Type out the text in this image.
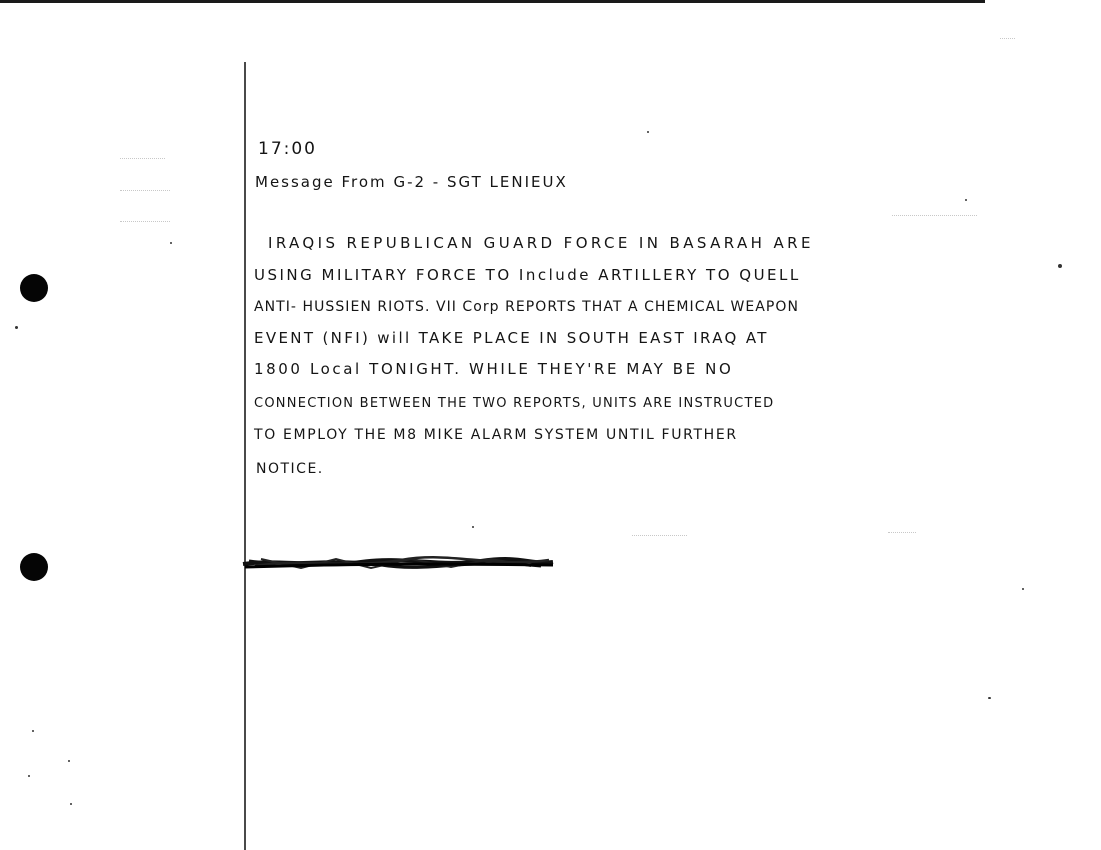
17:00
Message From G-2 - SGT LENIEUX
IRAQIS REPUBLICAN GUARD FORCE IN BASARAH ARE
USING MILITARY FORCE TO Include ARTILLERY TO QUELL
ANTI- HUSSIEN RIOTS. VII Corp REPORTS THAT A CHEMICAL WEAPON
EVENT (NFI) will TAKE PLACE IN SOUTH EAST IRAQ AT
1800 Local TONIGHT. WHILE THEY'RE MAY BE NO
CONNECTION BETWEEN THE TWO REPORTS, UNITS ARE INSTRUCTED
TO EMPLOY THE M8 MIKE ALARM SYSTEM UNTIL FURTHER
NOTICE.
